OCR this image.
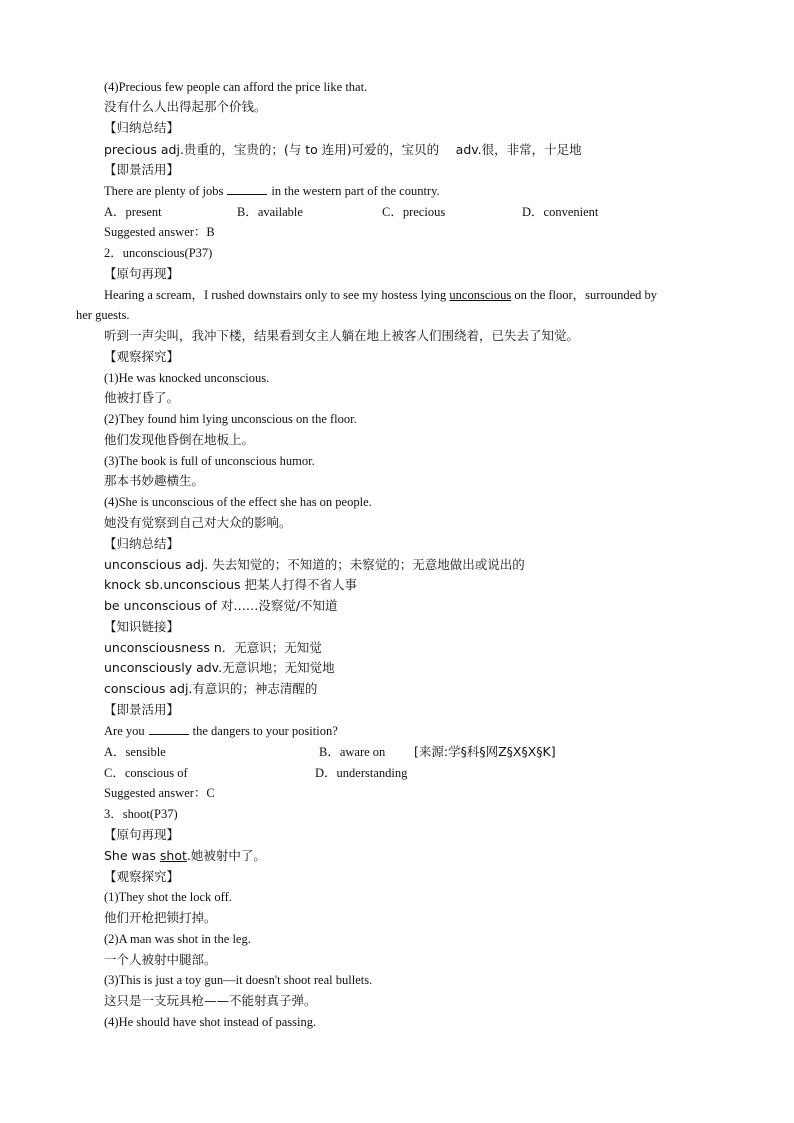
(4)Precious few people can afford the price like that.
没有什么人出得起那个价钱。
【归纳总结】
precious adj.贵重的，宝贵的；(与 to 连用)可爱的，宝贝的　 adv.很，非常，十足地
【即景活用】
There are plenty of jobs	in the western part of the country.
A．present	B．available	C．precious	D．convenient
Suggested answer：B
2．unconscious(P37)
【原句再现】
Hearing a scream，I rushed downstairs only to see my hostess lying unconscious on the floor，surrounded by
her guests.
听到一声尖叫，我冲下楼，结果看到女主人躺在地上被客人们围绕着，已失去了知觉。
【观察探究】
(1)He was knocked unconscious.
他被打昏了。
(2)They found him lying unconscious on the floor.
他们发现他昏倒在地板上。
(3)The book is full of unconscious humor.
那本书妙趣横生。
(4)She is unconscious of the effect she has on people.
她没有觉察到自己对大众的影响。
【归纳总结】
unconscious adj. 失去知觉的；不知道的；未察觉的；无意地做出或说出的
knock sb.unconscious 把某人打得不省人事
be unconscious of 对……没察觉/不知道
【知识链接】
unconsciousness n．无意识；无知觉
unconsciously adv.无意识地；无知觉地
conscious adj.有意识的；神志清醒的
【即景活用】
Are you	the dangers to your position?
A．sensible	B．aware on [来源:学§科§网Z§X§X§K]
C．conscious of	D．understanding
Suggested answer：C
3．shoot(P37)
【原句再现】
She was shot.她被射中了。
【观察探究】
(1)They shot the lock off.
他们开枪把锁打掉。
(2)A man was shot in the leg.
一个人被射中腿部。
(3)This is just a toy gun—it doesn't shoot real bullets.
这只是一支玩具枪——不能射真子弹。
(4)He should have shot instead of passing.
